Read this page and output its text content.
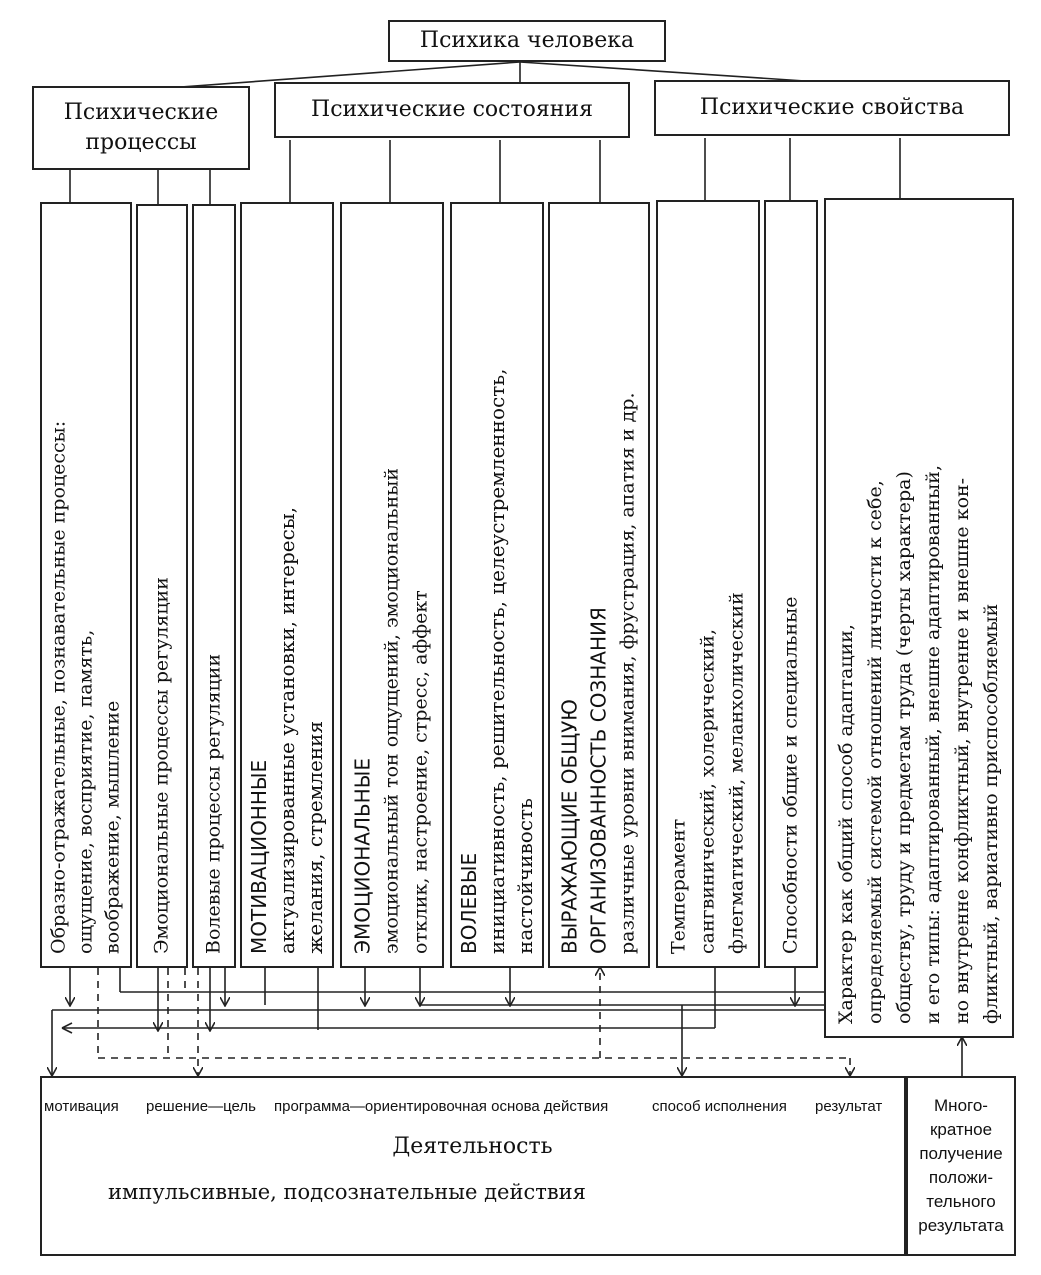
Психика человека
Психические процессы
Психические состояния	Психические свойства
Образно-отражательные, познавательные процессы: ощущение, восприятие, память, воображение, мышление Эмоциональные процессы регуляции Волевые процессы регуляции МОТИВАЦИОННЫЕ актуализированные установки, интересы, желания, стремления ЭМОЦИОНАЛЬНЫЕ эмоциональный тон ощущений, эмоциональный отклик, настроение, стресс, аффект ВОЛЕВЫЕ инициативность, решительность, целеустремленность, настойчивость ВЫРАЖАЮЩИЕ ОБЩУЮ ОРГАНИЗОВАННОСТЬ СОЗНАНИЯ различные уровни внимания, фрустрация, апатия и др. Темперамент сангвинический, холерический, флегматический, меланхолический Способности общие и специальные Характер как общий способ адаптации, определяемый системой отношений личности к себе, обществу, труду и предметам труда (черты характера) и его типы: адаптированный, внешне адаптированный, но внутренне конфликтный, внутренне и внешне кон- фликтный, вариативно приспособляемый
мотивация решение—цель программа—ориентировочная основа действия	способ исполнения результат
Деятельность
импульсивные, подсознательные действия
Много-
кратное
получение
положи-
тельного
результата
